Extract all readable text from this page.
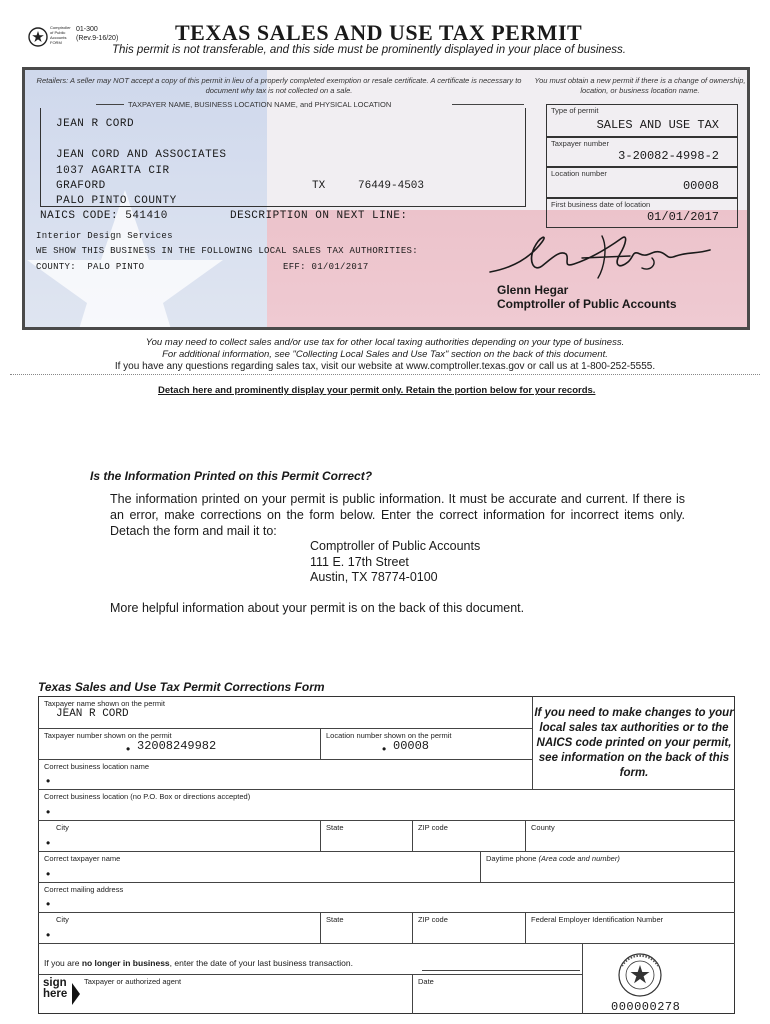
Comptroller
of Public
Accounts
FORM
01-300
(Rev.9-16/20)	TEXAS SALES AND USE TAX PERMIT
This permit is not transferable, and this side must be prominently displayed in your place of business.
Retailers: A seller may NOT accept a copy of this permit in lieu of a properly completed exemption or resale certificate. A certificate is necessary to document why tax is not collected on a sale.
You must obtain a new permit if there is a change of ownership, location, or business location name.
TAXPAYER NAME, BUSINESS LOCATION NAME, and PHYSICAL LOCATION
JEAN R CORD
JEAN CORD AND ASSOCIATES
1037 AGARITA CIR
GRAFORD
PALO PINTO COUNTY
TX	76449-4503
NAICS CODE: 541410	DESCRIPTION ON NEXT LINE:
Interior Design Services
WE SHOW THIS BUSINESS IN THE FOLLOWING LOCAL SALES TAX AUTHORITIES:
COUNTY: PALO PINTO	EFF: 01/01/2017
Type of permit
SALES AND USE TAX
Taxpayer number
3-20082-4998-2
Location number
00008
First business date of location
01/01/2017
Glenn Hegar
Comptroller of Public Accounts
You may need to collect sales and/or use tax for other local taxing authorities depending on your type of business.
For additional information, see "Collecting Local Sales and Use Tax" section on the back of this document.
If you have any questions regarding sales tax, visit our website at www.comptroller.texas.gov or call us at 1-800-252-5555.
Detach here and prominently display your permit only. Retain the portion below for your records.
Is the Information Printed on this Permit Correct?
The information printed on your permit is public information. It must be accurate and current. If there is an error, make corrections on the form below. Enter the correct information for incorrect items only. Detach the form and mail it to:
Comptroller of Public Accounts
111 E. 17th Street
Austin, TX 78774-0100
More helpful information about your permit is on the back of this document.
Texas Sales and Use Tax Permit Corrections Form
Taxpayer name shown on the permit
JEAN R CORD
Taxpayer number shown on the permit
• 32008249982
Location number shown on the permit
• 00008
If you need to make changes to your local sales tax authorities or to the NAICS code printed on your permit, see information on the back of this form.
Correct business location name
•
Correct business location (no P.O. Box or directions accepted)
•
City
•
State	ZIP code	County
Correct taxpayer name
•
Daytime phone (Area code and number)
Correct mailing address
•
City
•
State	ZIP code	Federal Employer Identification Number
If you are no longer in business, enter the date of your last business transaction.
sign
here
Taxpayer or authorized agent	Date
000000278
